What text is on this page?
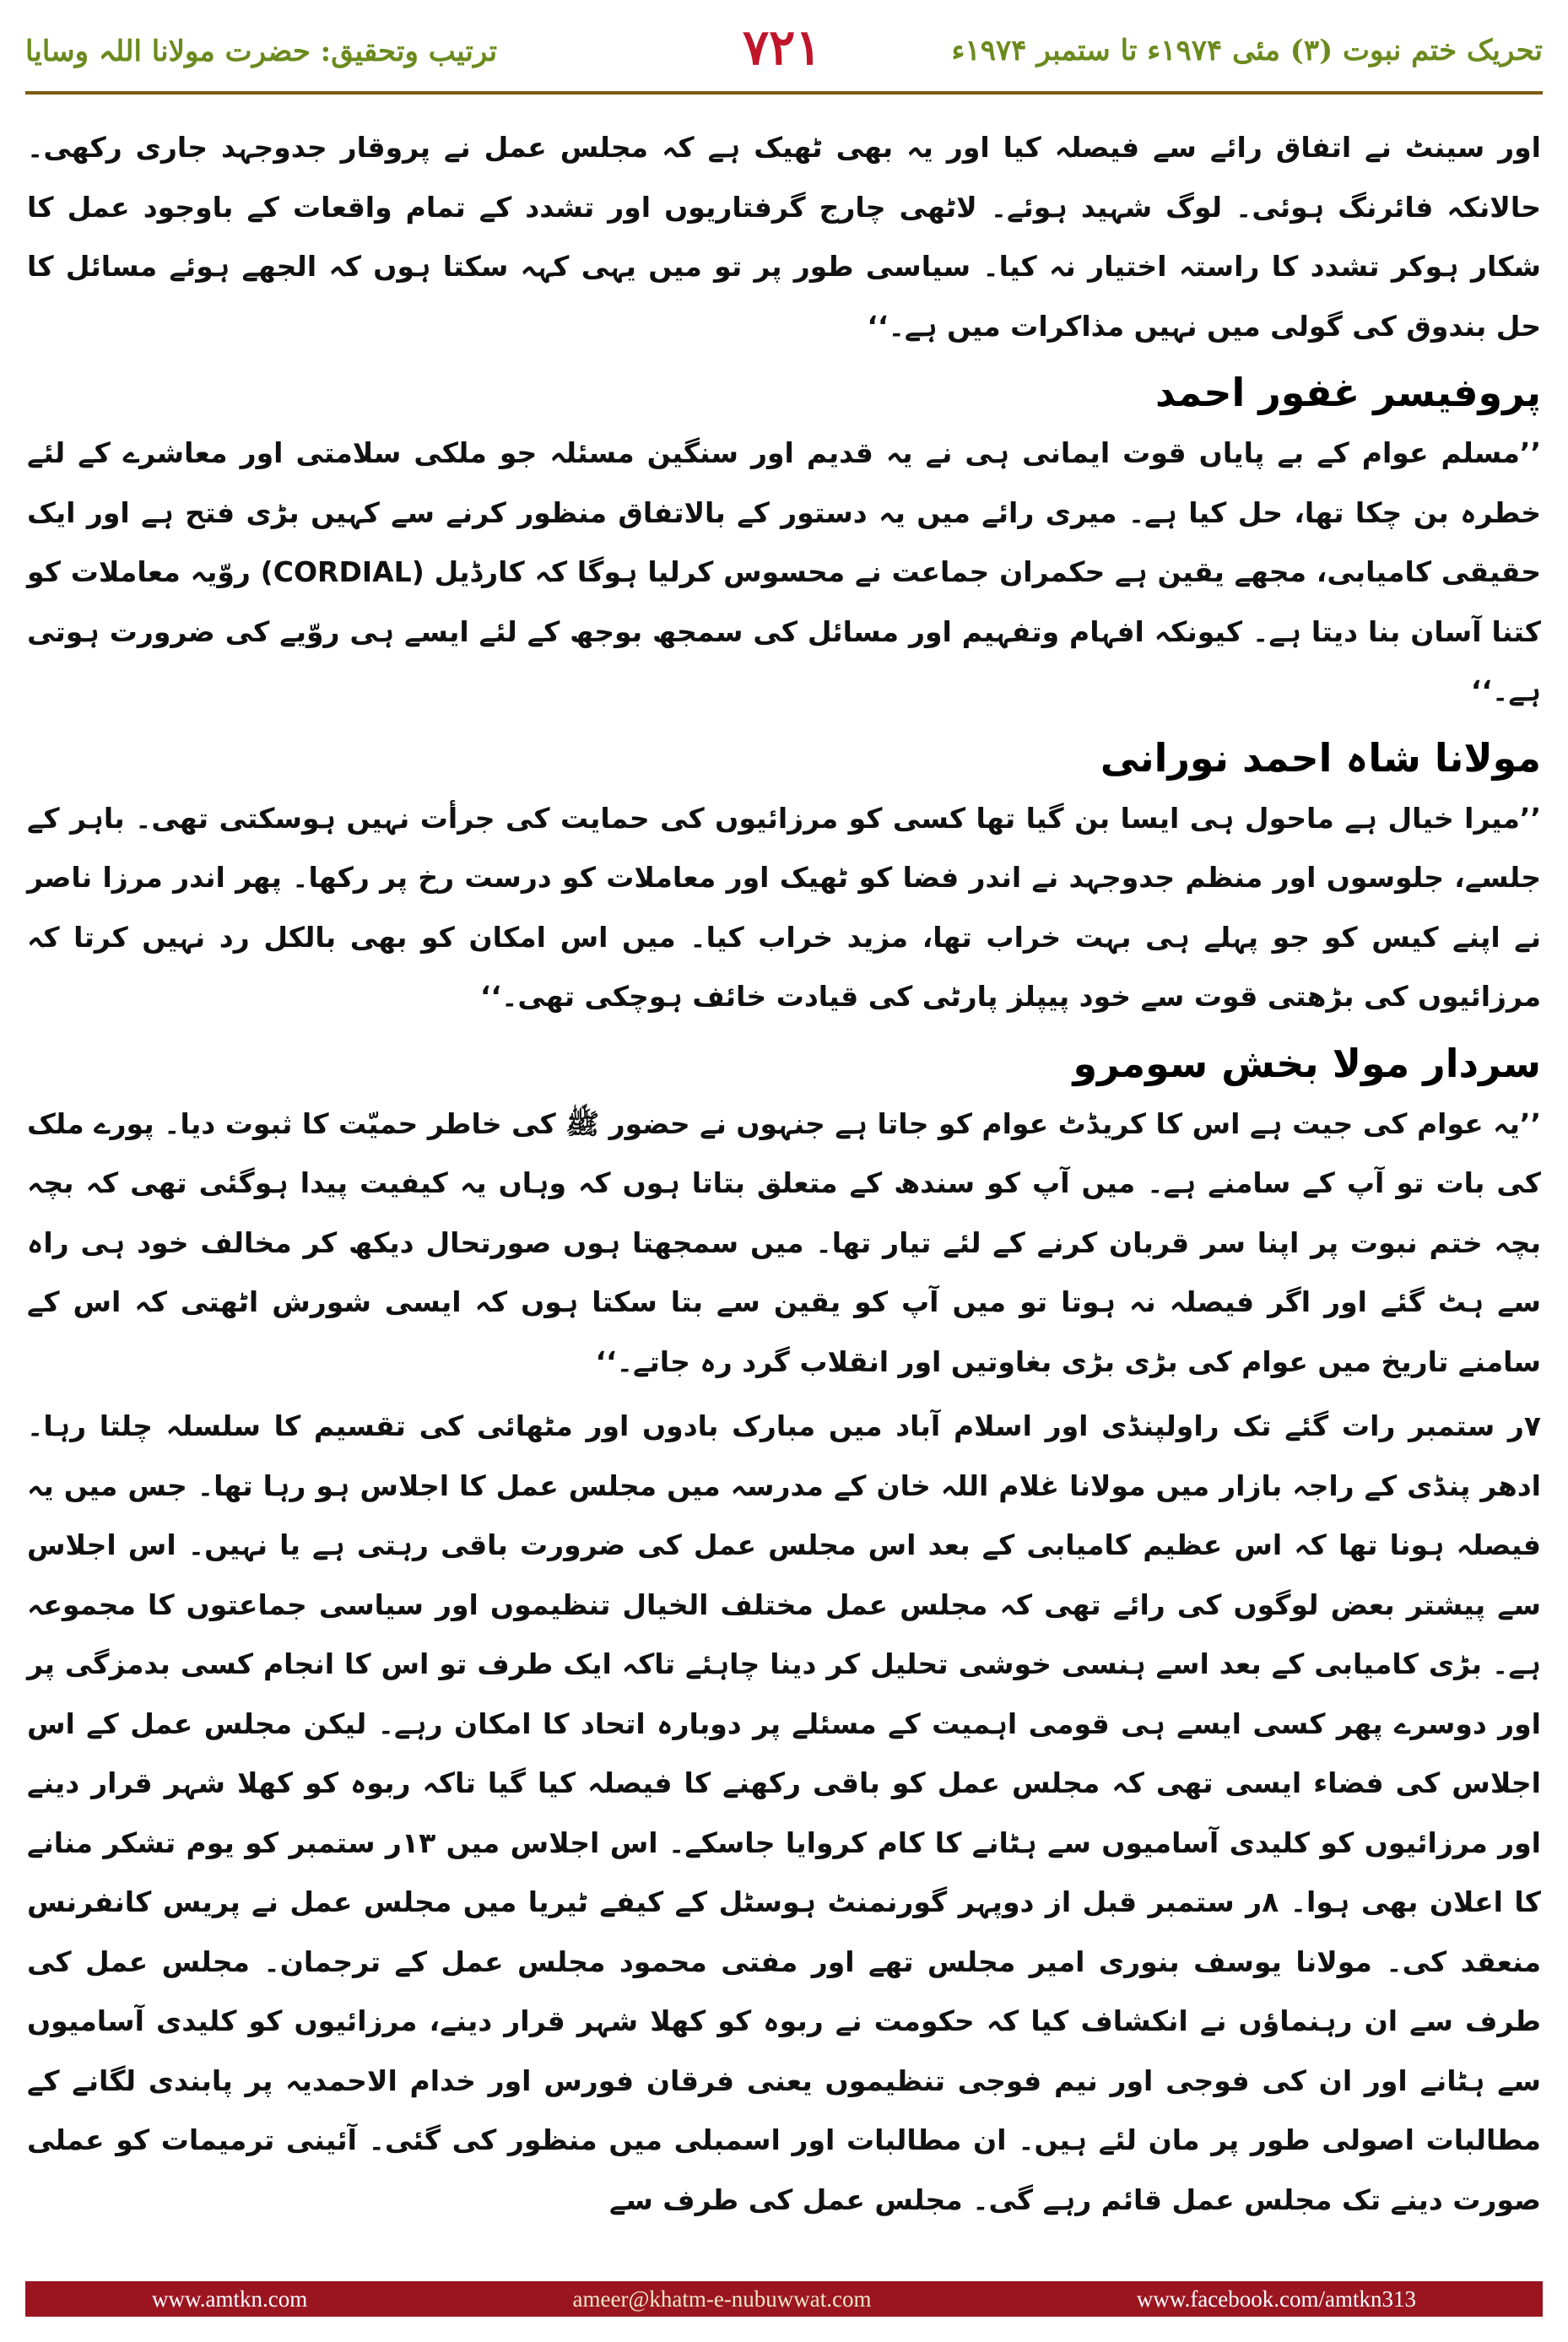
ترتیب وتحقیق: حضرت مولانا اللہ وسایا	۷۲۱	تحریک ختم نبوت (۳) مئی ۱۹۷۴ء تا ستمبر ۱۹۷۴ء

اور سینٹ نے اتفاق رائے سے فیصلہ کیا اور یہ بھی ٹھیک ہے کہ مجلس عمل نے پروقار جدوجہد جاری رکھی۔ حالانکہ فائرنگ ہوئی۔ لوگ شہید ہوئے۔ لاٹھی چارج گرفتاریوں اور تشدد کے تمام واقعات کے باوجود عمل کا شکار ہوکر تشدد کا راستہ اختیار نہ کیا۔ سیاسی طور پر تو میں یہی کہہ سکتا ہوں کہ الجھے ہوئے مسائل کا حل بندوق کی گولی میں نہیں مذاکرات میں ہے۔‘‘

پروفیسر غفور احمد

’’مسلم عوام کے بے پایاں قوت ایمانی ہی نے یہ قدیم اور سنگین مسئلہ جو ملکی سلامتی اور معاشرے کے لئے خطرہ بن چکا تھا، حل کیا ہے۔ میری رائے میں یہ دستور کے بالاتفاق منظور کرنے سے کہیں بڑی فتح ہے اور ایک حقیقی کامیابی، مجھے یقین ہے حکمران جماعت نے محسوس کرلیا ہوگا کہ کارڈیل (CORDIAL) روّیہ معاملات کو کتنا آسان بنا دیتا ہے۔ کیونکہ افہام وتفہیم اور مسائل کی سمجھ بوجھ کے لئے ایسے ہی روّیے کی ضرورت ہوتی ہے۔‘‘

مولانا شاہ احمد نورانی

’’میرا خیال ہے ماحول ہی ایسا بن گیا تھا کسی کو مرزائیوں کی حمایت کی جرأت نہیں ہوسکتی تھی۔ باہر کے جلسے، جلوسوں اور منظم جدوجہد نے اندر فضا کو ٹھیک اور معاملات کو درست رخ پر رکھا۔ پھر اندر مرزا ناصر نے اپنے کیس کو جو پہلے ہی بہت خراب تھا، مزید خراب کیا۔ میں اس امکان کو بھی بالکل رد نہیں کرتا کہ مرزائیوں کی بڑھتی قوت سے خود پیپلز پارٹی کی قیادت خائف ہوچکی تھی۔‘‘

سردار مولا بخش سومرو

’’یہ عوام کی جیت ہے اس کا کریڈٹ عوام کو جاتا ہے جنہوں نے حضور ﷺ کی خاطر حمیّت کا ثبوت دیا۔ پورے ملک کی بات تو آپ کے سامنے ہے۔ میں آپ کو سندھ کے متعلق بتاتا ہوں کہ وہاں یہ کیفیت پیدا ہوگئی تھی کہ بچہ بچہ ختم نبوت پر اپنا سر قربان کرنے کے لئے تیار تھا۔ میں سمجھتا ہوں صورتحال دیکھ کر مخالف خود ہی راہ سے ہٹ گئے اور اگر فیصلہ نہ ہوتا تو میں آپ کو یقین سے بتا سکتا ہوں کہ ایسی شورش اٹھتی کہ اس کے سامنے تاریخ میں عوام کی بڑی بڑی بغاوتیں اور انقلاب گرد رہ جاتے۔‘‘

۷ر ستمبر رات گئے تک راولپنڈی اور اسلام آباد میں مبارک بادوں اور مٹھائی کی تقسیم کا سلسلہ چلتا رہا۔ ادھر پنڈی کے راجہ بازار میں مولانا غلام اللہ خان کے مدرسہ میں مجلس عمل کا اجلاس ہو رہا تھا۔ جس میں یہ فیصلہ ہونا تھا کہ اس عظیم کامیابی کے بعد اس مجلس عمل کی ضرورت باقی رہتی ہے یا نہیں۔ اس اجلاس سے پیشتر بعض لوگوں کی رائے تھی کہ مجلس عمل مختلف الخیال تنظیموں اور سیاسی جماعتوں کا مجموعہ ہے۔ بڑی کامیابی کے بعد اسے ہنسی خوشی تحلیل کر دینا چاہئے تاکہ ایک طرف تو اس کا انجام کسی بدمزگی پر اور دوسرے پھر کسی ایسے ہی قومی اہمیت کے مسئلے پر دوبارہ اتحاد کا امکان رہے۔ لیکن مجلس عمل کے اس اجلاس کی فضاء ایسی تھی کہ مجلس عمل کو باقی رکھنے کا فیصلہ کیا گیا تاکہ ربوہ کو کھلا شہر قرار دینے اور مرزائیوں کو کلیدی آسامیوں سے ہٹانے کا کام کروایا جاسکے۔ اس اجلاس میں ۱۳ر ستمبر کو یوم تشکر منانے کا اعلان بھی ہوا۔ ۸ر ستمبر قبل از دوپہر گورنمنٹ ہوسٹل کے کیفے ٹیریا میں مجلس عمل نے پریس کانفرنس منعقد کی۔ مولانا یوسف بنوری امیر مجلس تھے اور مفتی محمود مجلس عمل کے ترجمان۔ مجلس عمل کی طرف سے ان رہنماؤں نے انکشاف کیا کہ حکومت نے ربوہ کو کھلا شہر قرار دینے، مرزائیوں کو کلیدی آسامیوں سے ہٹانے اور ان کی فوجی اور نیم فوجی تنظیموں یعنی فرقان فورس اور خدام الاحمدیہ پر پابندی لگانے کے مطالبات اصولی طور پر مان لئے ہیں۔ ان مطالبات اور اسمبلی میں منظور کی گئی۔ آئینی ترمیمات کو عملی صورت دینے تک مجلس عمل قائم رہے گی۔ مجلس عمل کی طرف سے

www.amtkn.com	ameer@khatm-e-nubuwwat.com	www.facebook.com/amtkn313
